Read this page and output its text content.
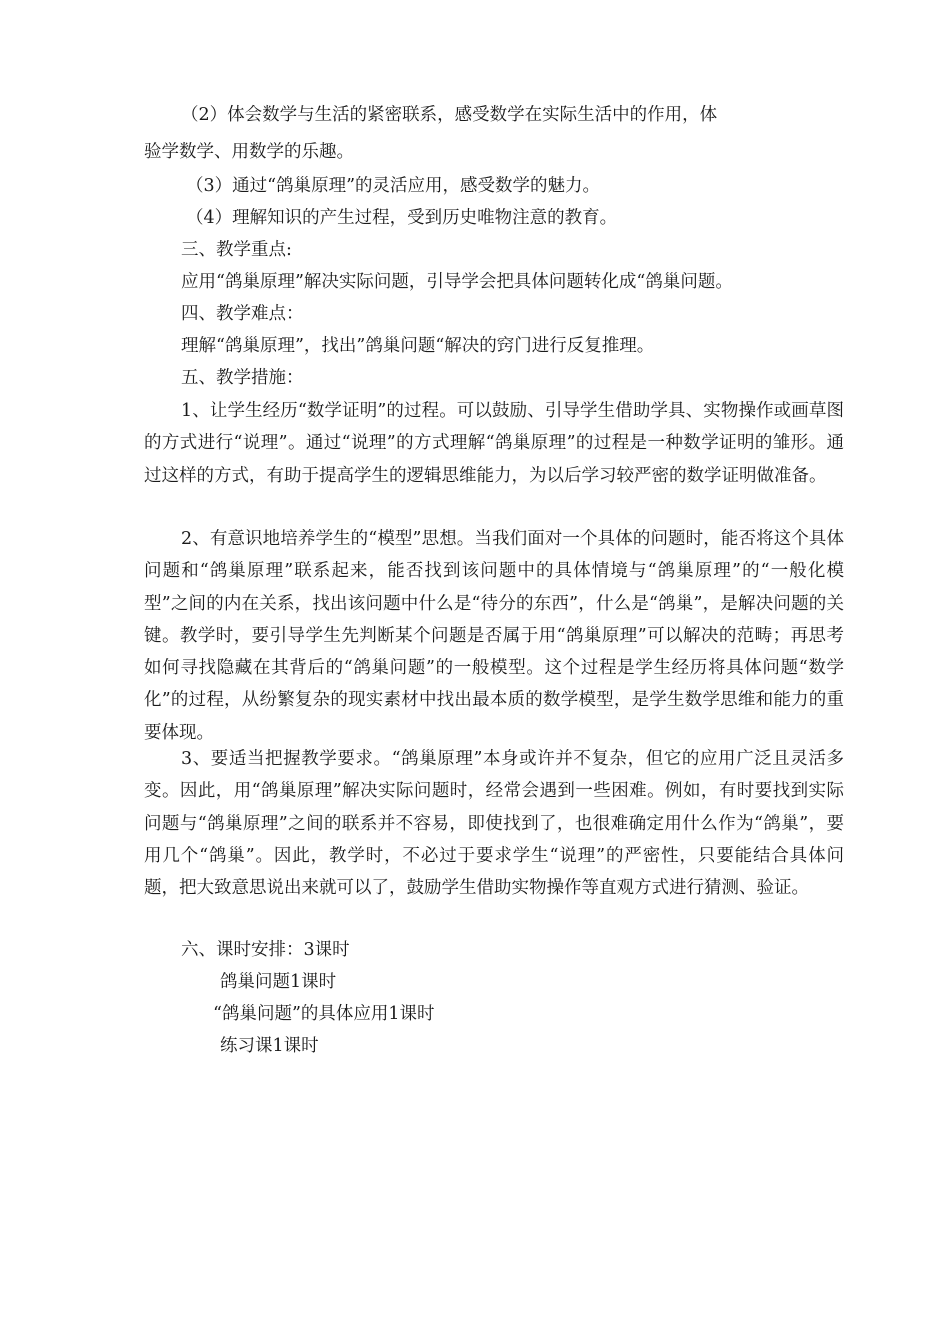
（2）体会数学与生活的紧密联系，感受数学在实际生活中的作用，体

验学数学、用数学的乐趣。

（3）通过“鸽巢原理”的灵活应用，感受数学的魅力。

（4）理解知识的产生过程，受到历史唯物注意的教育。

三、教学重点:

应用“鸽巢原理”解决实际问题，引导学会把具体问题转化成“鸽巢问题。

四、教学难点：

理解“鸽巢原理”，找出”鸽巢问题“解决的窍门进行反复推理。

五、教学措施：

1、让学生经历“数学证明”的过程。可以鼓励、引导学生借助学具、实物操作或画草图的方式进行“说理”。通过“说理”的方式理解“鸽巢原理”的过程是一种数学证明的雏形。通过这样的方式，有助于提高学生的逻辑思维能力，为以后学习较严密的数学证明做准备。

2、有意识地培养学生的“模型”思想。当我们面对一个具体的问题时，能否将这个具体问题和“鸽巢原理”联系起来，能否找到该问题中的具体情境与“鸽巢原理”的“一般化模型”之间的内在关系，找出该问题中什么是“待分的东西”，什么是“鸽巢”，是解决问题的关键。教学时，要引导学生先判断某个问题是否属于用“鸽巢原理”可以解决的范畴；再思考如何寻找隐藏在其背后的“鸽巢问题”的一般模型。这个过程是学生经历将具体问题“数学化”的过程，从纷繁复杂的现实素材中找出最本质的数学模型，是学生数学思维和能力的重要体现。

3、要适当把握教学要求。“鸽巢原理”本身或许并不复杂，但它的应用广泛且灵活多变。因此，用“鸽巢原理”解决实际问题时，经常会遇到一些困难。例如，有时要找到实际问题与“鸽巢原理”之间的联系并不容易，即使找到了，也很难确定用什么作为“鸽巢”，要用几个“鸽巢”。因此，教学时，不必过于要求学生“说理”的严密性，只要能结合具体问题，把大致意思说出来就可以了，鼓励学生借助实物操作等直观方式进行猜测、验证。

六、课时安排：3课时

鸽巢问题1课时

“鸽巢问题”的具体应用1课时

练习课1课时
